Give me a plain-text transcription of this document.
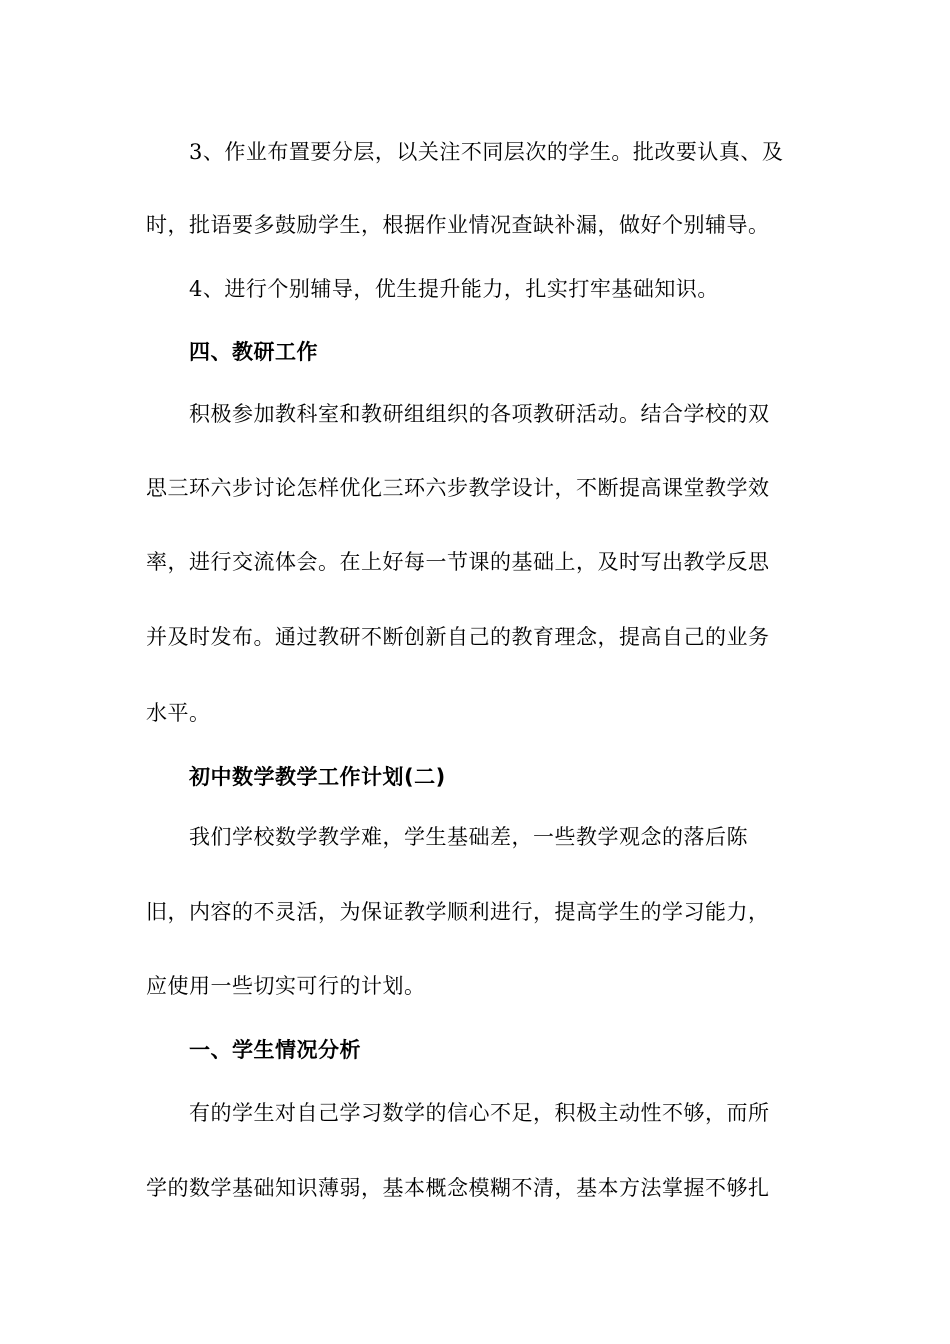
3、作业布置要分层，以关注不同层次的学生。批改要认真、及
时，批语要多鼓励学生，根据作业情况查缺补漏，做好个别辅导。
4、进行个别辅导，优生提升能力，扎实打牢基础知识。
四、教研工作
积极参加教科室和教研组组织的各项教研活动。结合学校的双
思三环六步讨论怎样优化三环六步教学设计，不断提高课堂教学效
率，进行交流体会。在上好每一节课的基础上，及时写出教学反思
并及时发布。通过教研不断创新自己的教育理念，提高自己的业务
水平。
初中数学教学工作计划(二)
我们学校数学教学难，学生基础差，一些教学观念的落后陈
旧，内容的不灵活，为保证教学顺利进行，提高学生的学习能力，
应使用一些切实可行的计划。
一、学生情况分析
有的学生对自己学习数学的信心不足，积极主动性不够，而所
学的数学基础知识薄弱，基本概念模糊不清，基本方法掌握不够扎
